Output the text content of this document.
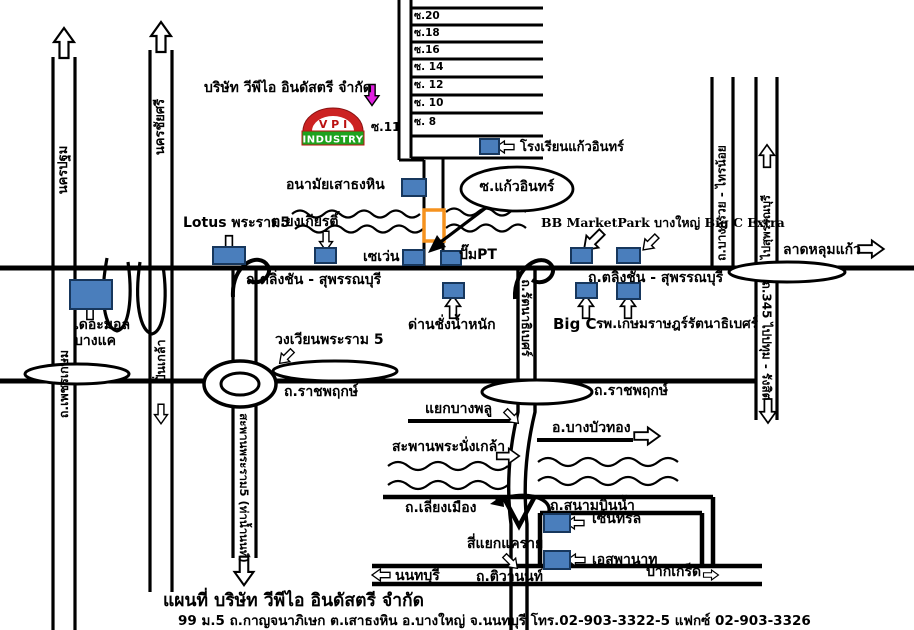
V P I
INDUSTRY
บริษัท วีพีไอ อินดัสตรี จำกัด
ซ.11
ซ.20
ซ.18
ซ.16
ซ. 14
ซ. 12
ซ. 10
ซ. 8
โรงเรียนแก้วอินทร์
อนามัยเสาธงหิน	ซ.แก้วอินทร์
Lotus พระราม5
ต.ยงเกียรติ์
เซเว่น	ปั๊มPT
BB MarketPark บางใหญ่ Big C Extra
ถ.ตลิ่งชัน - สุพรรณบุรี	ถ.ตลิ่งชัน - สุพรรณบุรี
ลาดหลุมแก้ว
Big C รพ.เกษมราษฎร์รัตนาธิเบศร์
ด่านชั่งน้ำหนัก
เดอะมอล
บางแค	วงเวียนพระราม 5
ถ.ราชพฤกษ์	ถ.ราชพฤกษ์
แยกบางพลู
อ.บางบัวทอง
สะพานพระนั่งเกล้า
ถ.เลี่ยงเมือง	ถ.สนามบินน้ำ
เซ็นทรัล
เอสพานาท
สี่แยกแคราย
ถ.ติวานนท์
นนทบุรี	ปากเกร็ด
นครปฐม
นครชัยศรี
ถ.เพชรเกษม	ปิ่นเกล้า
ถ.บางกรวย - ไทรน้อย	ไปสุพรรณบุรี
ถ.345 ไปปทุม - รังสิต
ถ.รัตนาธิเบศร์
สะพานพระราม5 (ท่าน้ำนนท์)
แผนที่ บริษัท วีพีไอ อินดัสตรี จำกัด
99 ม.5 ถ.กาญจนาภิเษก ต.เสาธงหิน อ.บางใหญ่ จ.นนทบุรี โทร.02-903-3322-5 แฟกซ์ 02-903-3326
